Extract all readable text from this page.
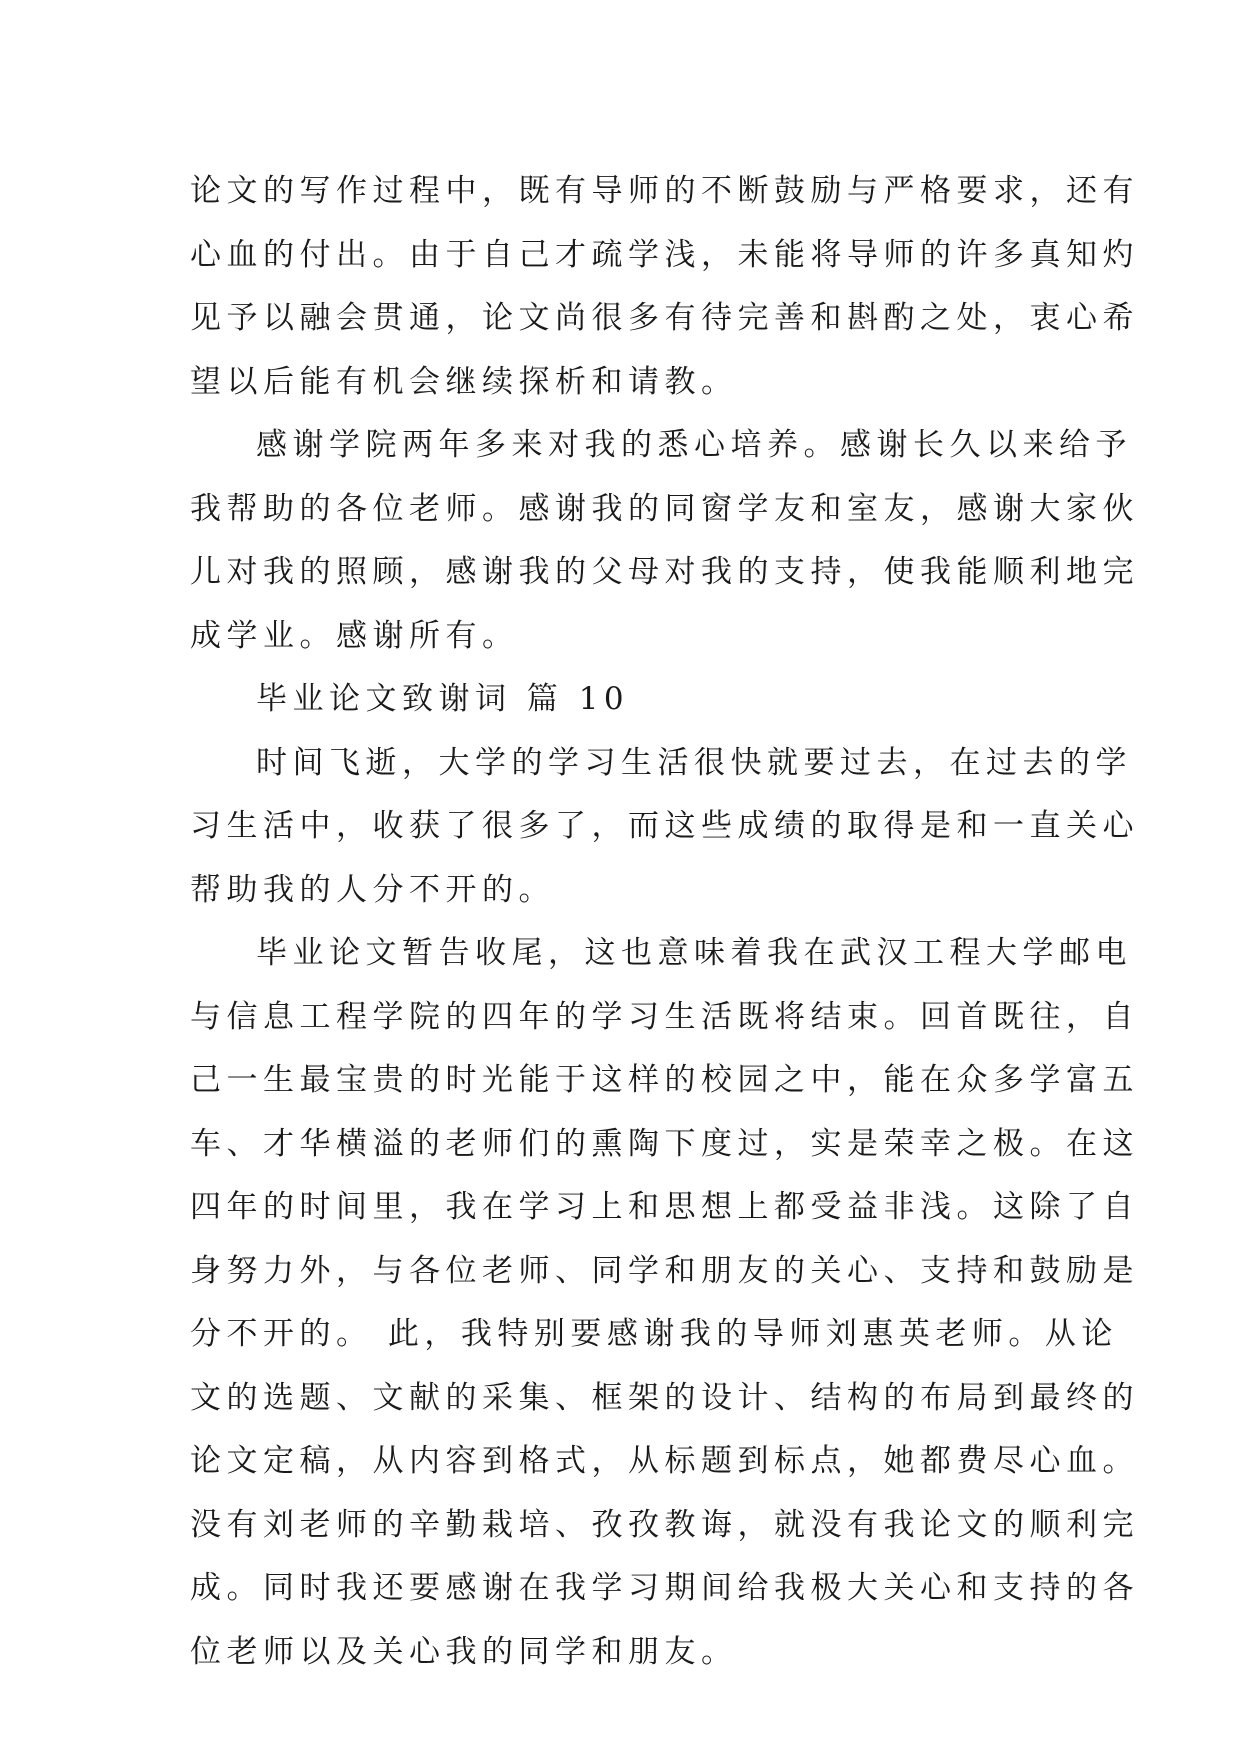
论文的写作过程中，既有导师的不断鼓励与严格要求，还有
心血的付出。由于自己才疏学浅，未能将导师的许多真知灼
见予以融会贯通，论文尚很多有待完善和斟酌之处，衷心希
望以后能有机会继续探析和请教。
感谢学院两年多来对我的悉心培养。感谢长久以来给予
我帮助的各位老师。感谢我的同窗学友和室友，感谢大家伙
儿对我的照顾，感谢我的父母对我的支持，使我能顺利地完
成学业。感谢所有。
毕业论文致谢词 篇 10
时间飞逝，大学的学习生活很快就要过去，在过去的学
习生活中，收获了很多了，而这些成绩的取得是和一直关心
帮助我的人分不开的。
毕业论文暂告收尾，这也意味着我在武汉工程大学邮电
与信息工程学院的四年的学习生活既将结束。回首既往，自
己一生最宝贵的时光能于这样的校园之中，能在众多学富五
车、才华横溢的老师们的熏陶下度过，实是荣幸之极。在这
四年的时间里，我在学习上和思想上都受益非浅。这除了自
身努力外，与各位老师、同学和朋友的关心、支持和鼓励是
分不开的。 此，我特别要感谢我的导师刘惠英老师。从论
文的选题、文献的采集、框架的设计、结构的布局到最终的
论文定稿，从内容到格式，从标题到标点，她都费尽心血。
没有刘老师的辛勤栽培、孜孜教诲，就没有我论文的顺利完
成。同时我还要感谢在我学习期间给我极大关心和支持的各
位老师以及关心我的同学和朋友。
